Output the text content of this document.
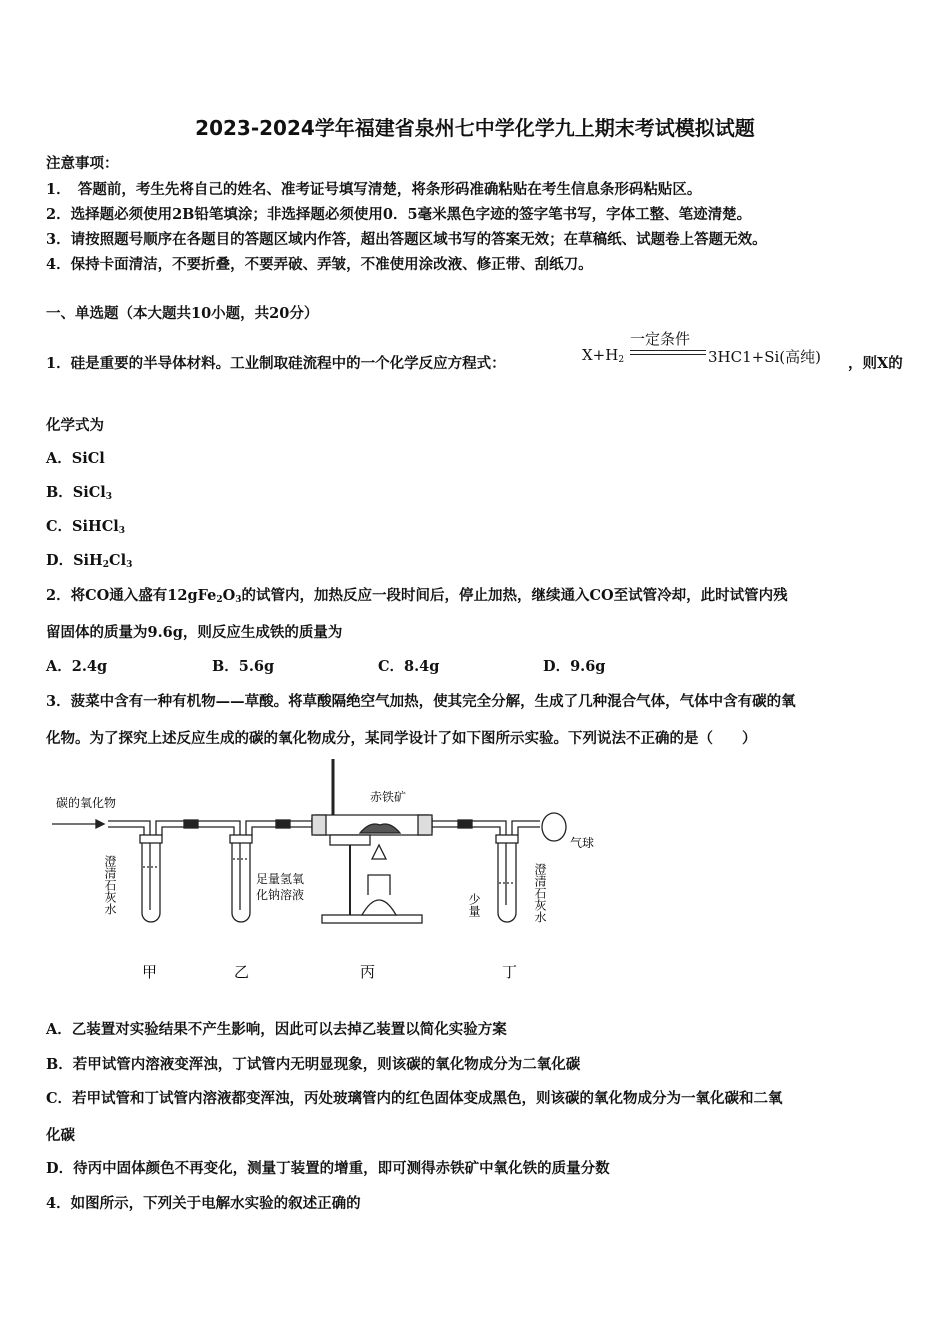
2023-2024学年福建省泉州七中学化学九上期末考试模拟试题
注意事项：
1．　答题前，考生先将自己的姓名、准考证号填写清楚，将条形码准确粘贴在考生信息条形码粘贴区。
2．选择题必须使用2B铅笔填涂；非选择题必须使用0．5毫米黑色字迹的签字笔书写，字体工整、笔迹清楚。
3．请按照题号顺序在各题目的答题区域内作答，超出答题区域书写的答案无效；在草稿纸、试题卷上答题无效。
4．保持卡面清洁，不要折叠，不要弄破、弄皱，不准使用涂改液、修正带、刮纸刀。
一、单选题（本大题共10小题，共20分）
1．硅是重要的半导体材料。工业制取硅流程中的一个化学反应方程式：	$X+H_2$
一定条件
3HC1+Si(高纯) ，则X的
化学式为
A．SiCl
B．SiCl$_3$
C．SiHCl$_3$
D．$SiH_2Cl_3$
2．将CO通入盛有$12gFe_2O_3$的试管内，加热反应一段时间后，停止加热，继续通入CO至试管冷却，此时试管内残
留固体的质量为9.6g，则反应生成铁的质量为
A．2.4g	B．5.6g	C．8.4g	D．9.6g
3．菠菜中含有一种有机物——草酸。将草酸隔绝空气加热，使其完全分解，生成了几种混合气体，气体中含有碳的氧
化物。为了探究上述反应生成的碳的氧化物成分，某同学设计了如下图所示实验。下列说法不正确的是（　　）
碳的氧化物	赤铁矿
气球
足量氢氧
化钠溶液	少量	澄清石灰水
澄清石灰水
甲	乙	丙	丁
A．乙装置对实验结果不产生影响，因此可以去掉乙装置以简化实验方案
B．若甲试管内溶液变浑浊，丁试管内无明显现象，则该碳的氧化物成分为二氧化碳
C．若甲试管和丁试管内溶液都变浑浊，丙处玻璃管内的红色固体变成黑色，则该碳的氧化物成分为一氧化碳和二氧
化碳
D．待丙中固体颜色不再变化，测量丁装置的增重，即可测得赤铁矿中氧化铁的质量分数
4．如图所示，下列关于电解水实验的叙述正确的
